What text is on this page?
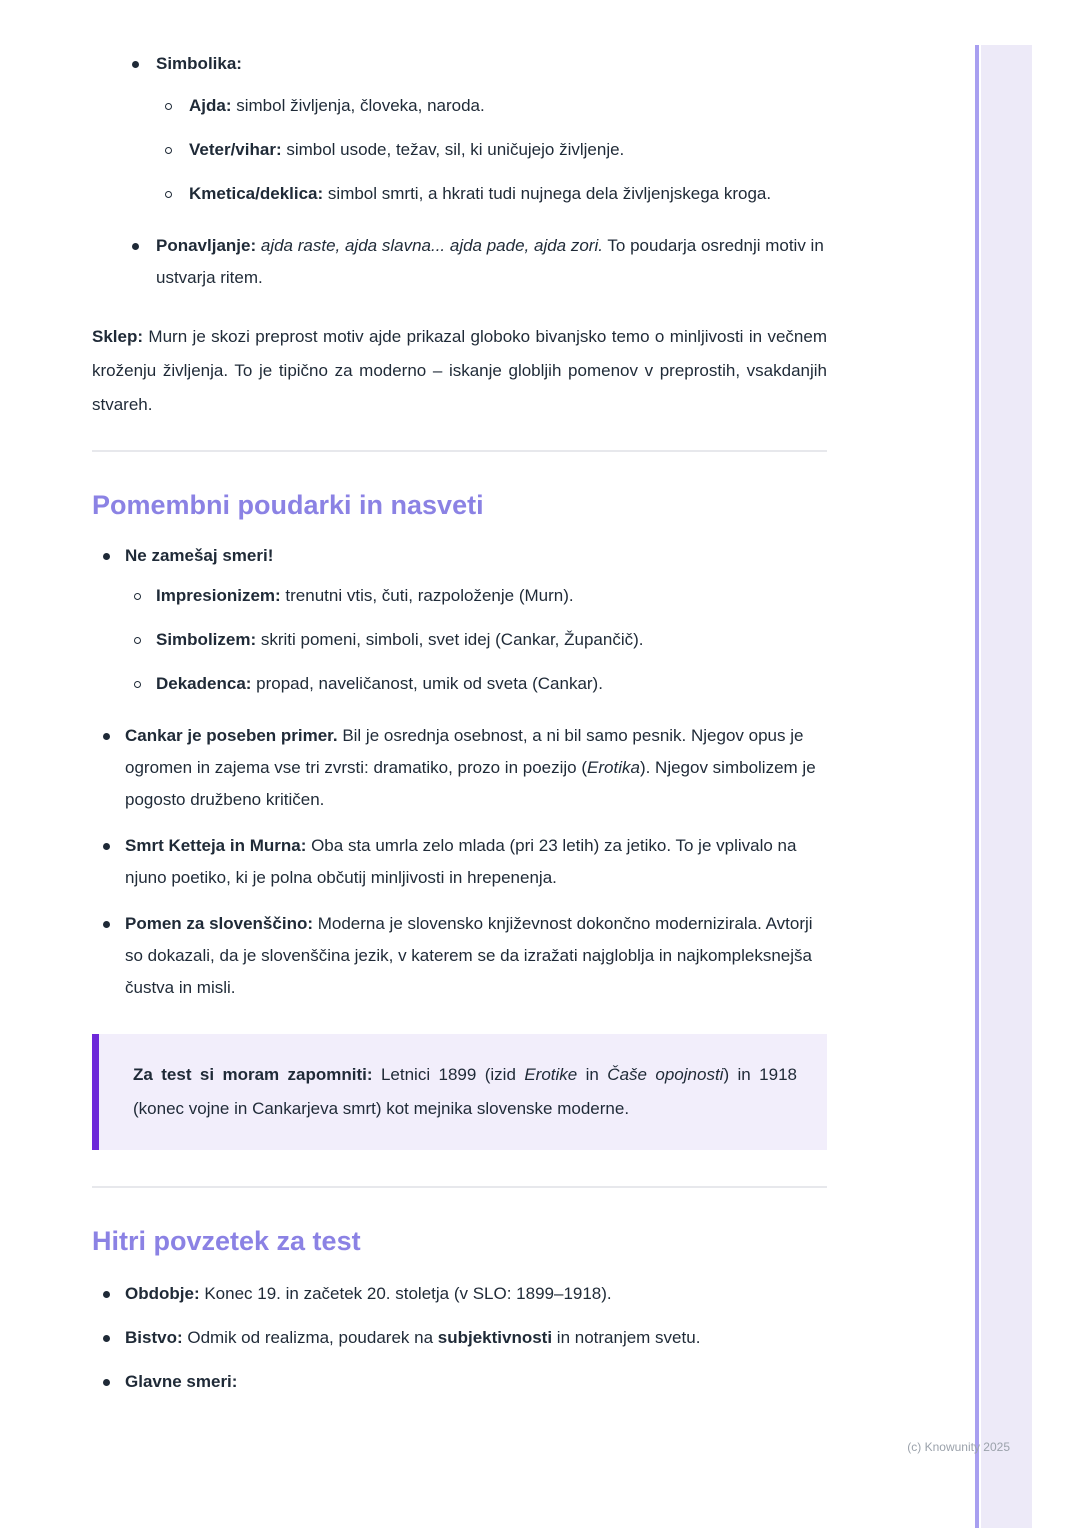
Simbolika:
Ajda: simbol življenja, človeka, naroda.
Veter/vihar: simbol usode, težav, sil, ki uničujejo življenje.
Kmetica/deklica: simbol smrti, a hkrati tudi nujnega dela življenjskega kroga.
Ponavljanje: ajda raste, ajda slavna... ajda pade, ajda zori. To poudarja osrednji motiv in ustvarja ritem.

Sklep: Murn je skozi preprost motiv ajde prikazal globoko bivanjsko temo o minljivosti in večnem kroženju življenja. To je tipično za moderno – iskanje globljih pomenov v preprostih, vsakdanjih stvareh.

Pomembni poudarki in nasveti
Ne zamešaj smeri!
Impresionizem: trenutni vtis, čuti, razpoloženje (Murn).
Simbolizem: skriti pomeni, simboli, svet idej (Cankar, Župančič).
Dekadenca: propad, naveličanost, umik od sveta (Cankar).
Cankar je poseben primer. Bil je osrednja osebnost, a ni bil samo pesnik. Njegov opus je ogromen in zajema vse tri zvrsti: dramatiko, prozo in poezijo (Erotika). Njegov simbolizem je pogosto družbeno kritičen.
Smrt Ketteja in Murna: Oba sta umrla zelo mlada (pri 23 letih) za jetiko. To je vplivalo na njuno poetiko, ki je polna občutij minljivosti in hrepenenja.
Pomen za slovenščino: Moderna je slovensko književnost dokončno modernizirala. Avtorji so dokazali, da je slovenščina jezik, v katerem se da izražati najgloblja in najkompleksnejša čustva in misli.
Za test si moram zapomniti: Letnici 1899 (izid Erotike in Čaše opojnosti) in 1918 (konec vojne in Cankarjeva smrt) kot mejnika slovenske moderne.
Hitri povzetek za test
Obdobje: Konec 19. in začetek 20. stoletja (v SLO: 1899–1918).
Bistvo: Odmik od realizma, poudarek na subjektivnosti in notranjem svetu.
Glavne smeri:
(c) Knowunity 2025
